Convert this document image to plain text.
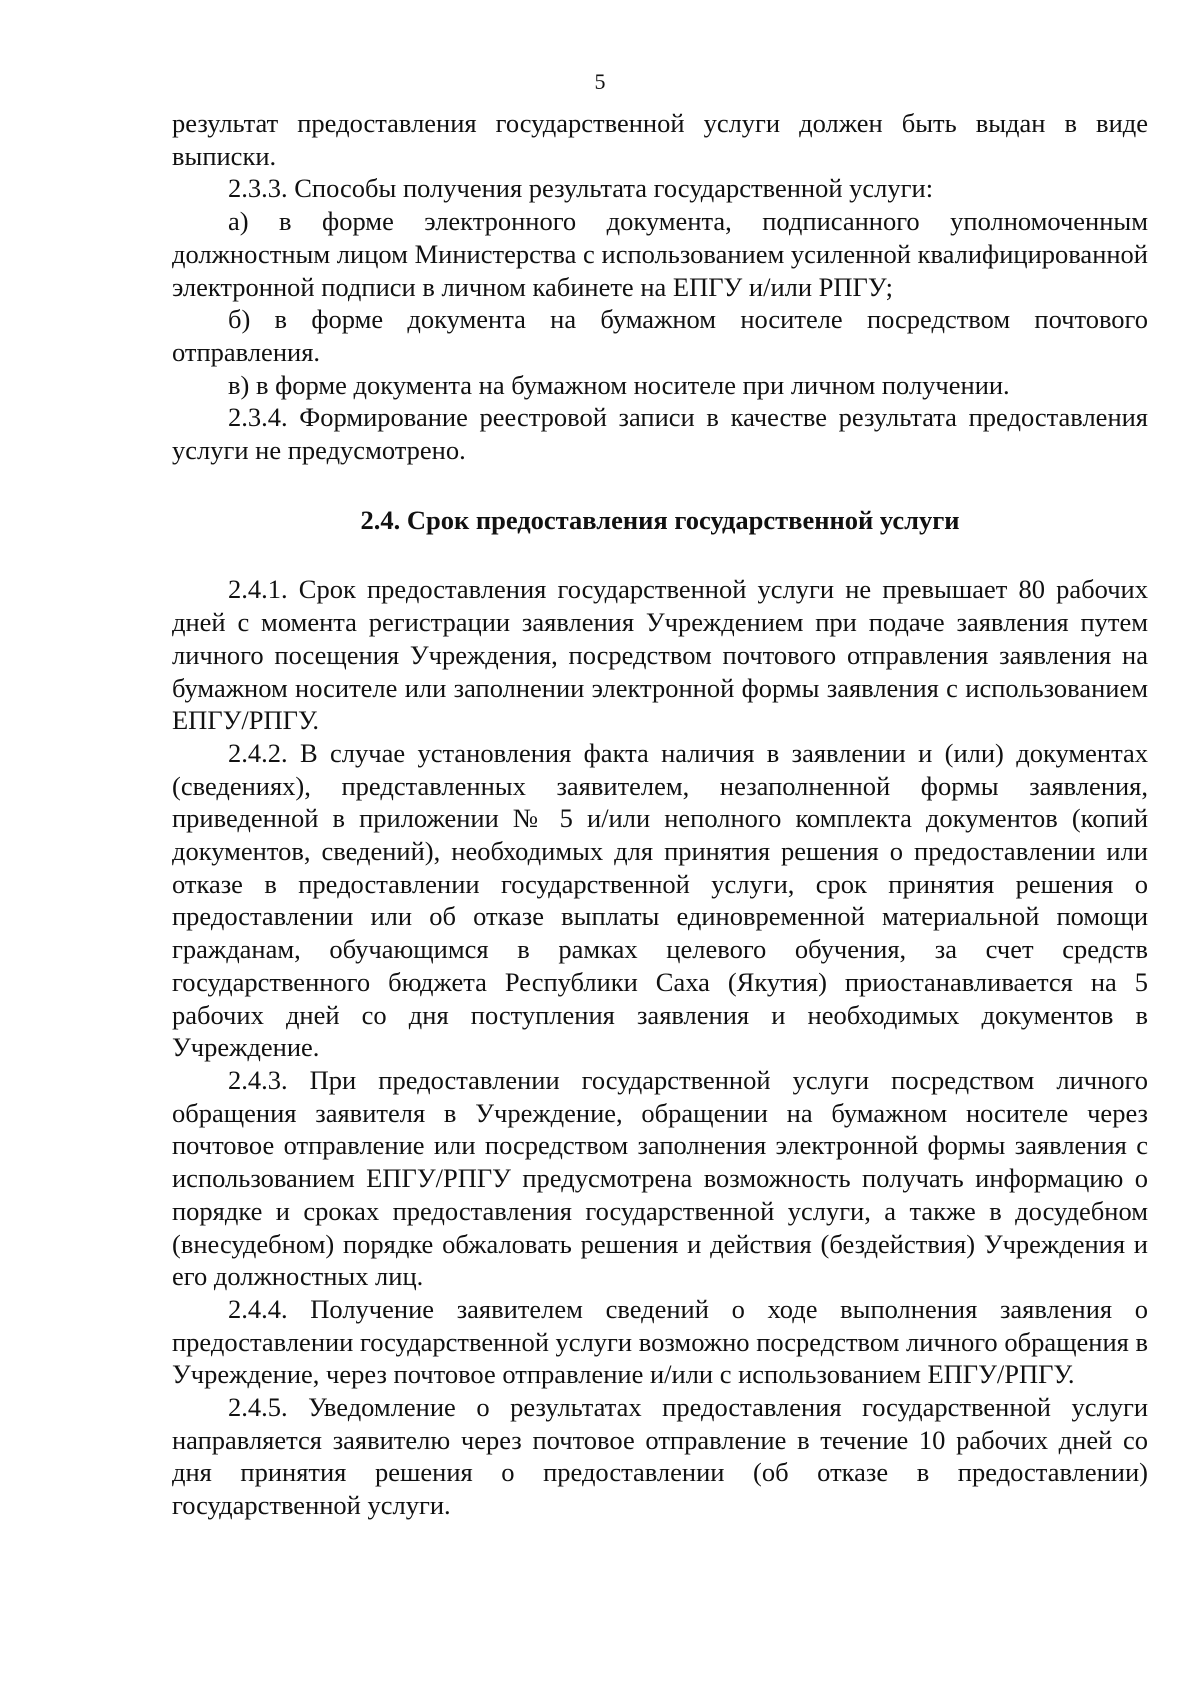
5

результат предоставления государственной услуги должен быть выдан в виде выписки.

2.3.3. Способы получения результата государственной услуги:

а) в форме электронного документа, подписанного уполномоченным должностным лицом Министерства с использованием усиленной квалифицированной электронной подписи в личном кабинете на ЕПГУ и/или РПГУ;

б) в форме документа на бумажном носителе посредством почтового отправления.

в) в форме документа на бумажном носителе при личном получении.

2.3.4. Формирование реестровой записи в качестве результата предоставления услуги не предусмотрено.

2.4. Срок предоставления государственной услуги

2.4.1. Срок предоставления государственной услуги не превышает 80 рабочих дней с момента регистрации заявления Учреждением при подаче заявления путем личного посещения Учреждения, посредством почтового отправления заявления на бумажном носителе или заполнении электронной формы заявления с использованием ЕПГУ/РПГУ.

2.4.2. В случае установления факта наличия в заявлении и (или) документах (сведениях), представленных заявителем, незаполненной формы заявления, приведенной в приложении № 5 и/или неполного комплекта документов (копий документов, сведений), необходимых для принятия решения о предоставлении или отказе в предоставлении государственной услуги, срок принятия решения о предоставлении или об отказе выплаты единовременной материальной помощи гражданам, обучающимся в рамках целевого обучения, за счет средств государственного бюджета Республики Саха (Якутия) приостанавливается на 5 рабочих дней со дня поступления заявления и необходимых документов в Учреждение.

2.4.3. При предоставлении государственной услуги посредством личного обращения заявителя в Учреждение, обращении на бумажном носителе через почтовое отправление или посредством заполнения электронной формы заявления с использованием ЕПГУ/РПГУ предусмотрена возможность получать информацию о порядке и сроках предоставления государственной услуги, а также в досудебном (внесудебном) порядке обжаловать решения и действия (бездействия) Учреждения и его должностных лиц.

2.4.4. Получение заявителем сведений о ходе выполнения заявления о предоставлении государственной услуги возможно посредством личного обращения в Учреждение, через почтовое отправление и/или с использованием ЕПГУ/РПГУ.

2.4.5. Уведомление о результатах предоставления государственной услуги направляется заявителю через почтовое отправление в течение 10 рабочих дней со дня принятия решения о предоставлении (об отказе в предоставлении) государственной услуги.
